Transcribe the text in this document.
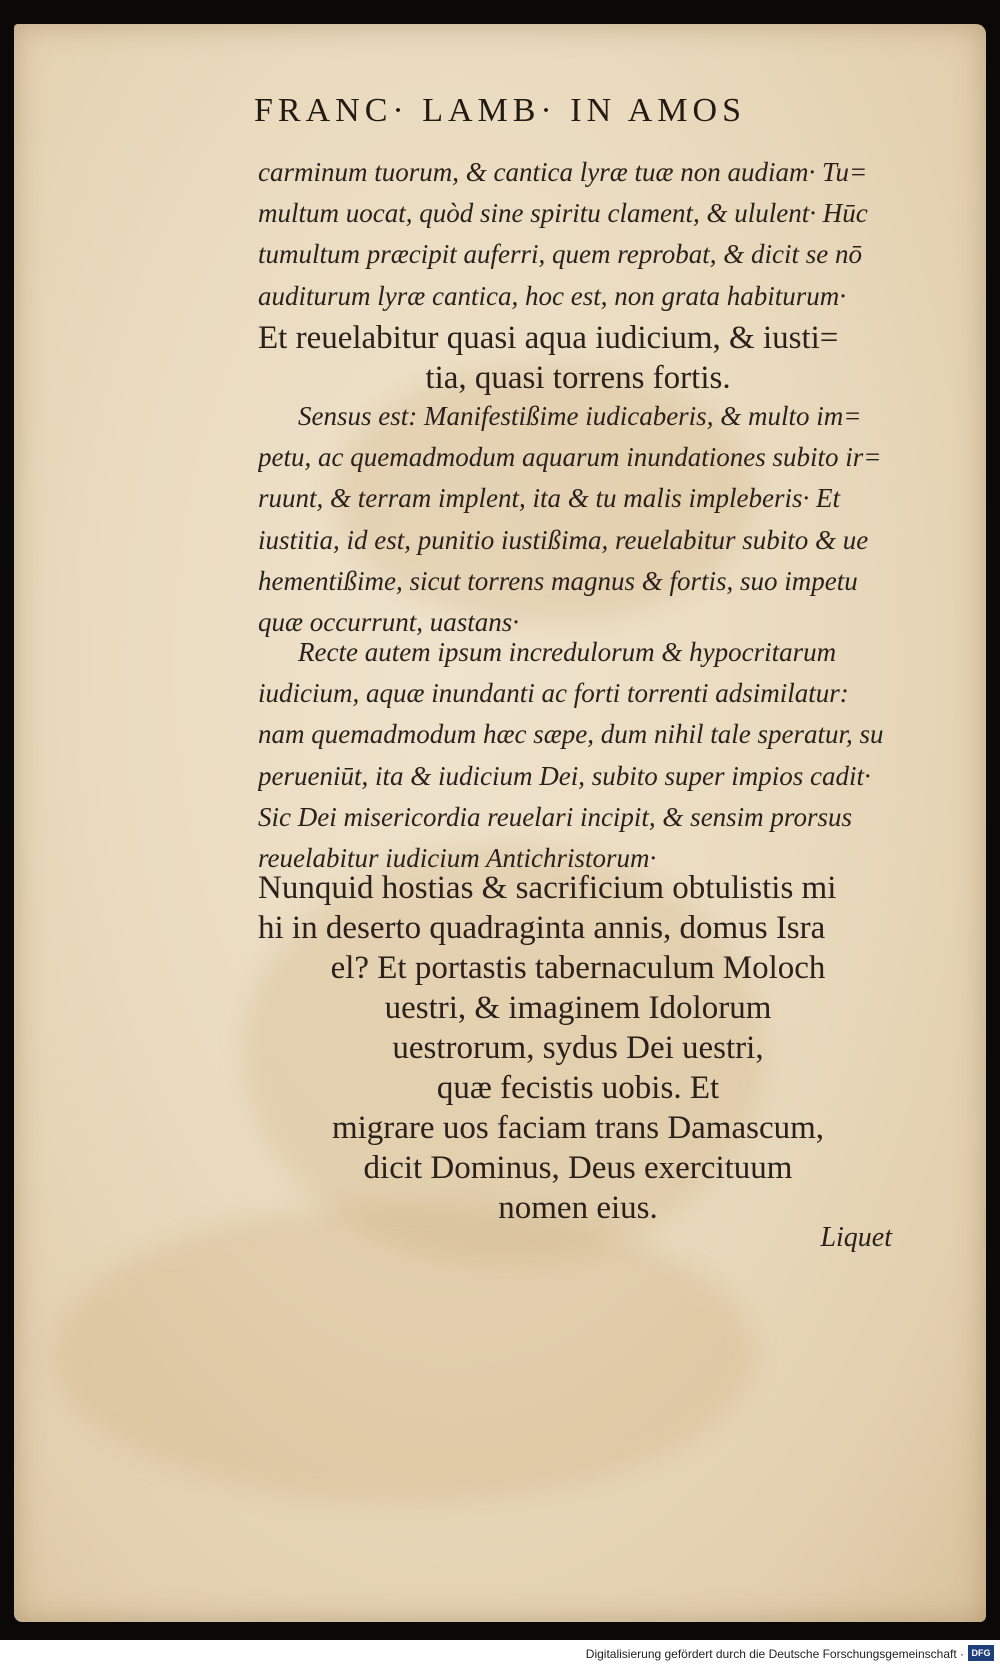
FRANC· LAMB· IN AMOS
carminum tuorum, & cantica lyræ tuæ non audiam· Tu=
multum uocat, quòd sine spiritu clament, & ululent· Hūc
tumultum præcipit auferri, quem reprobat, & dicit se nō
auditurum lyræ cantica, hoc est, non grata habiturum·
Et reuelabitur quasi aqua iudicium, & iusti=
tia, quasi torrens fortis.
Sensus est: Manifestißime iudicaberis, & multo im=
petu, ac quemadmodum aquarum inundationes subito ir=
ruunt, & terram implent, ita & tu malis impleberis· Et
iustitia, id est, punitio iustißima, reuelabitur subito & ue
hementißime, sicut torrens magnus & fortis, suo impetu
quæ occurrunt, uastans·
Recte autem ipsum incredulorum & hypocritarum
iudicium, aquæ inundanti ac forti torrenti adsimilatur:
nam quemadmodum hæc sæpe, dum nihil tale speratur, su
perueniūt, ita & iudicium Dei, subito super impios cadit·
Sic Dei misericordia reuelari incipit, & sensim prorsus
reuelabitur iudicium Antichristorum·
Nunquid hostias & sacrificium obtulistis mi
hi in deserto quadraginta annis, domus Isra
el? Et portastis tabernaculum Moloch
uestri, & imaginem Idolorum
uestrorum, sydus Dei uestri,
quæ fecistis uobis. Et
migrare uos faciam trans Damascum,
dicit Dominus, Deus exercituum
nomen eius.
Liquet
Digitalisierung gefördert durch die Deutsche Forschungsgemeinschaft · DFG
